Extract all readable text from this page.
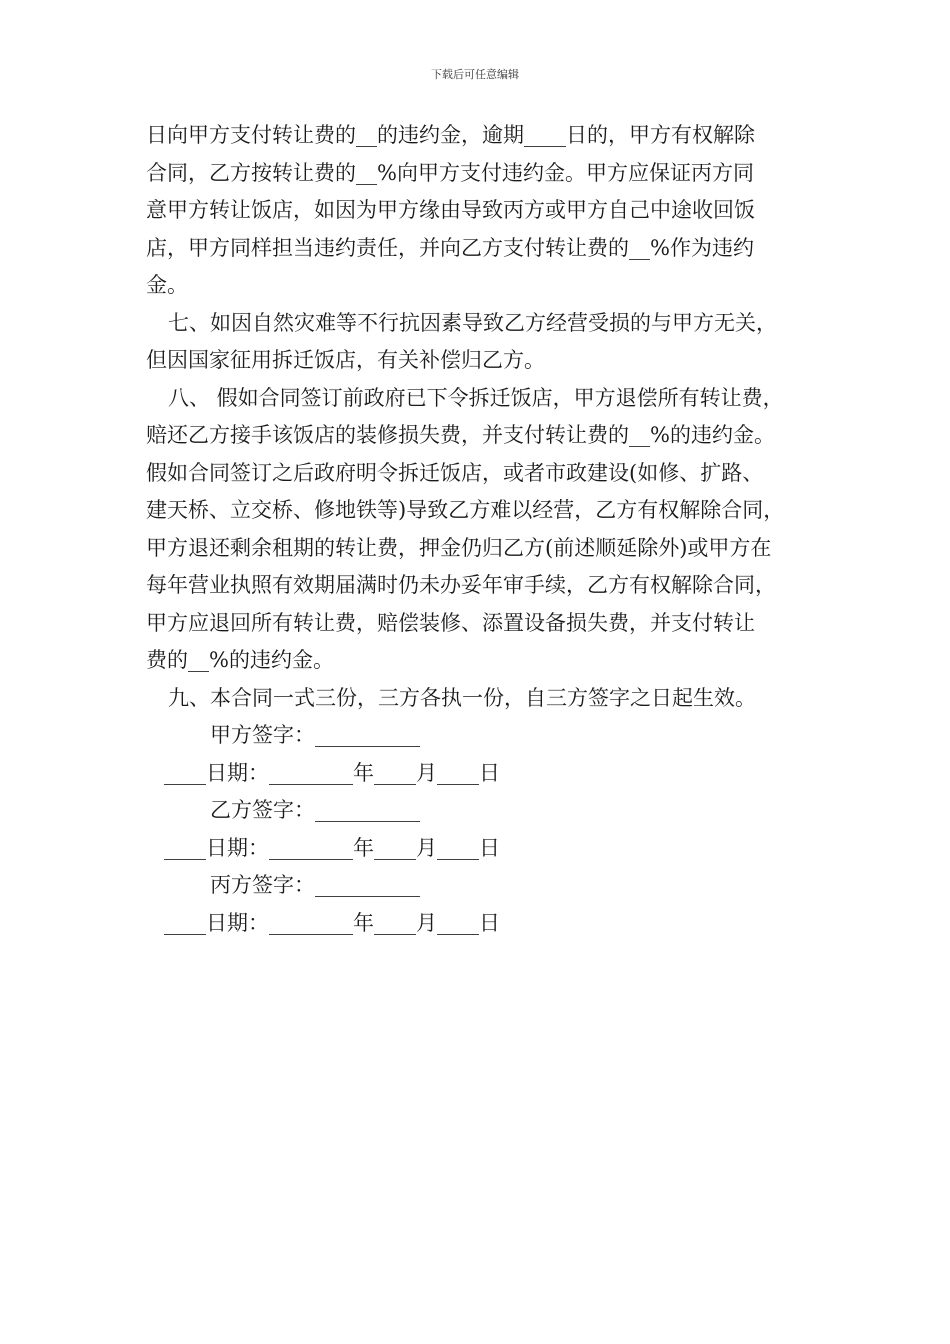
下载后可任意编辑
日向甲方支付转让费的__的违约金，逾期____日的，甲方有权解除
合同，乙方按转让费的__%向甲方支付违约金。甲方应保证丙方同
意甲方转让饭店，如因为甲方缘由导致丙方或甲方自己中途收回饭
店，甲方同样担当违约责任，并向乙方支付转让费的__%作为违约
金。
七、如因自然灾难等不行抗因素导致乙方经营受损的与甲方无关，
但因国家征用拆迁饭店，有关补偿归乙方。
八、 假如合同签订前政府已下令拆迁饭店，甲方退偿所有转让费，
赔还乙方接手该饭店的装修损失费，并支付转让费的__%的违约金。
假如合同签订之后政府明令拆迁饭店，或者市政建设(如修、扩路、
建天桥、立交桥、修地铁等)导致乙方难以经营，乙方有权解除合同，
甲方退还剩余租期的转让费，押金仍归乙方(前述顺延除外)或甲方在
每年营业执照有效期届满时仍未办妥年审手续，乙方有权解除合同，
甲方应退回所有转让费，赔偿装修、添置设备损失费，并支付转让
费的__%的违约金。
九、本合同一式三份，三方各执一份，自三方签字之日起生效。
甲方签字：__________
____日期：________年____月____日
乙方签字：__________
____日期：________年____月____日
丙方签字：__________
____日期：________年____月____日
